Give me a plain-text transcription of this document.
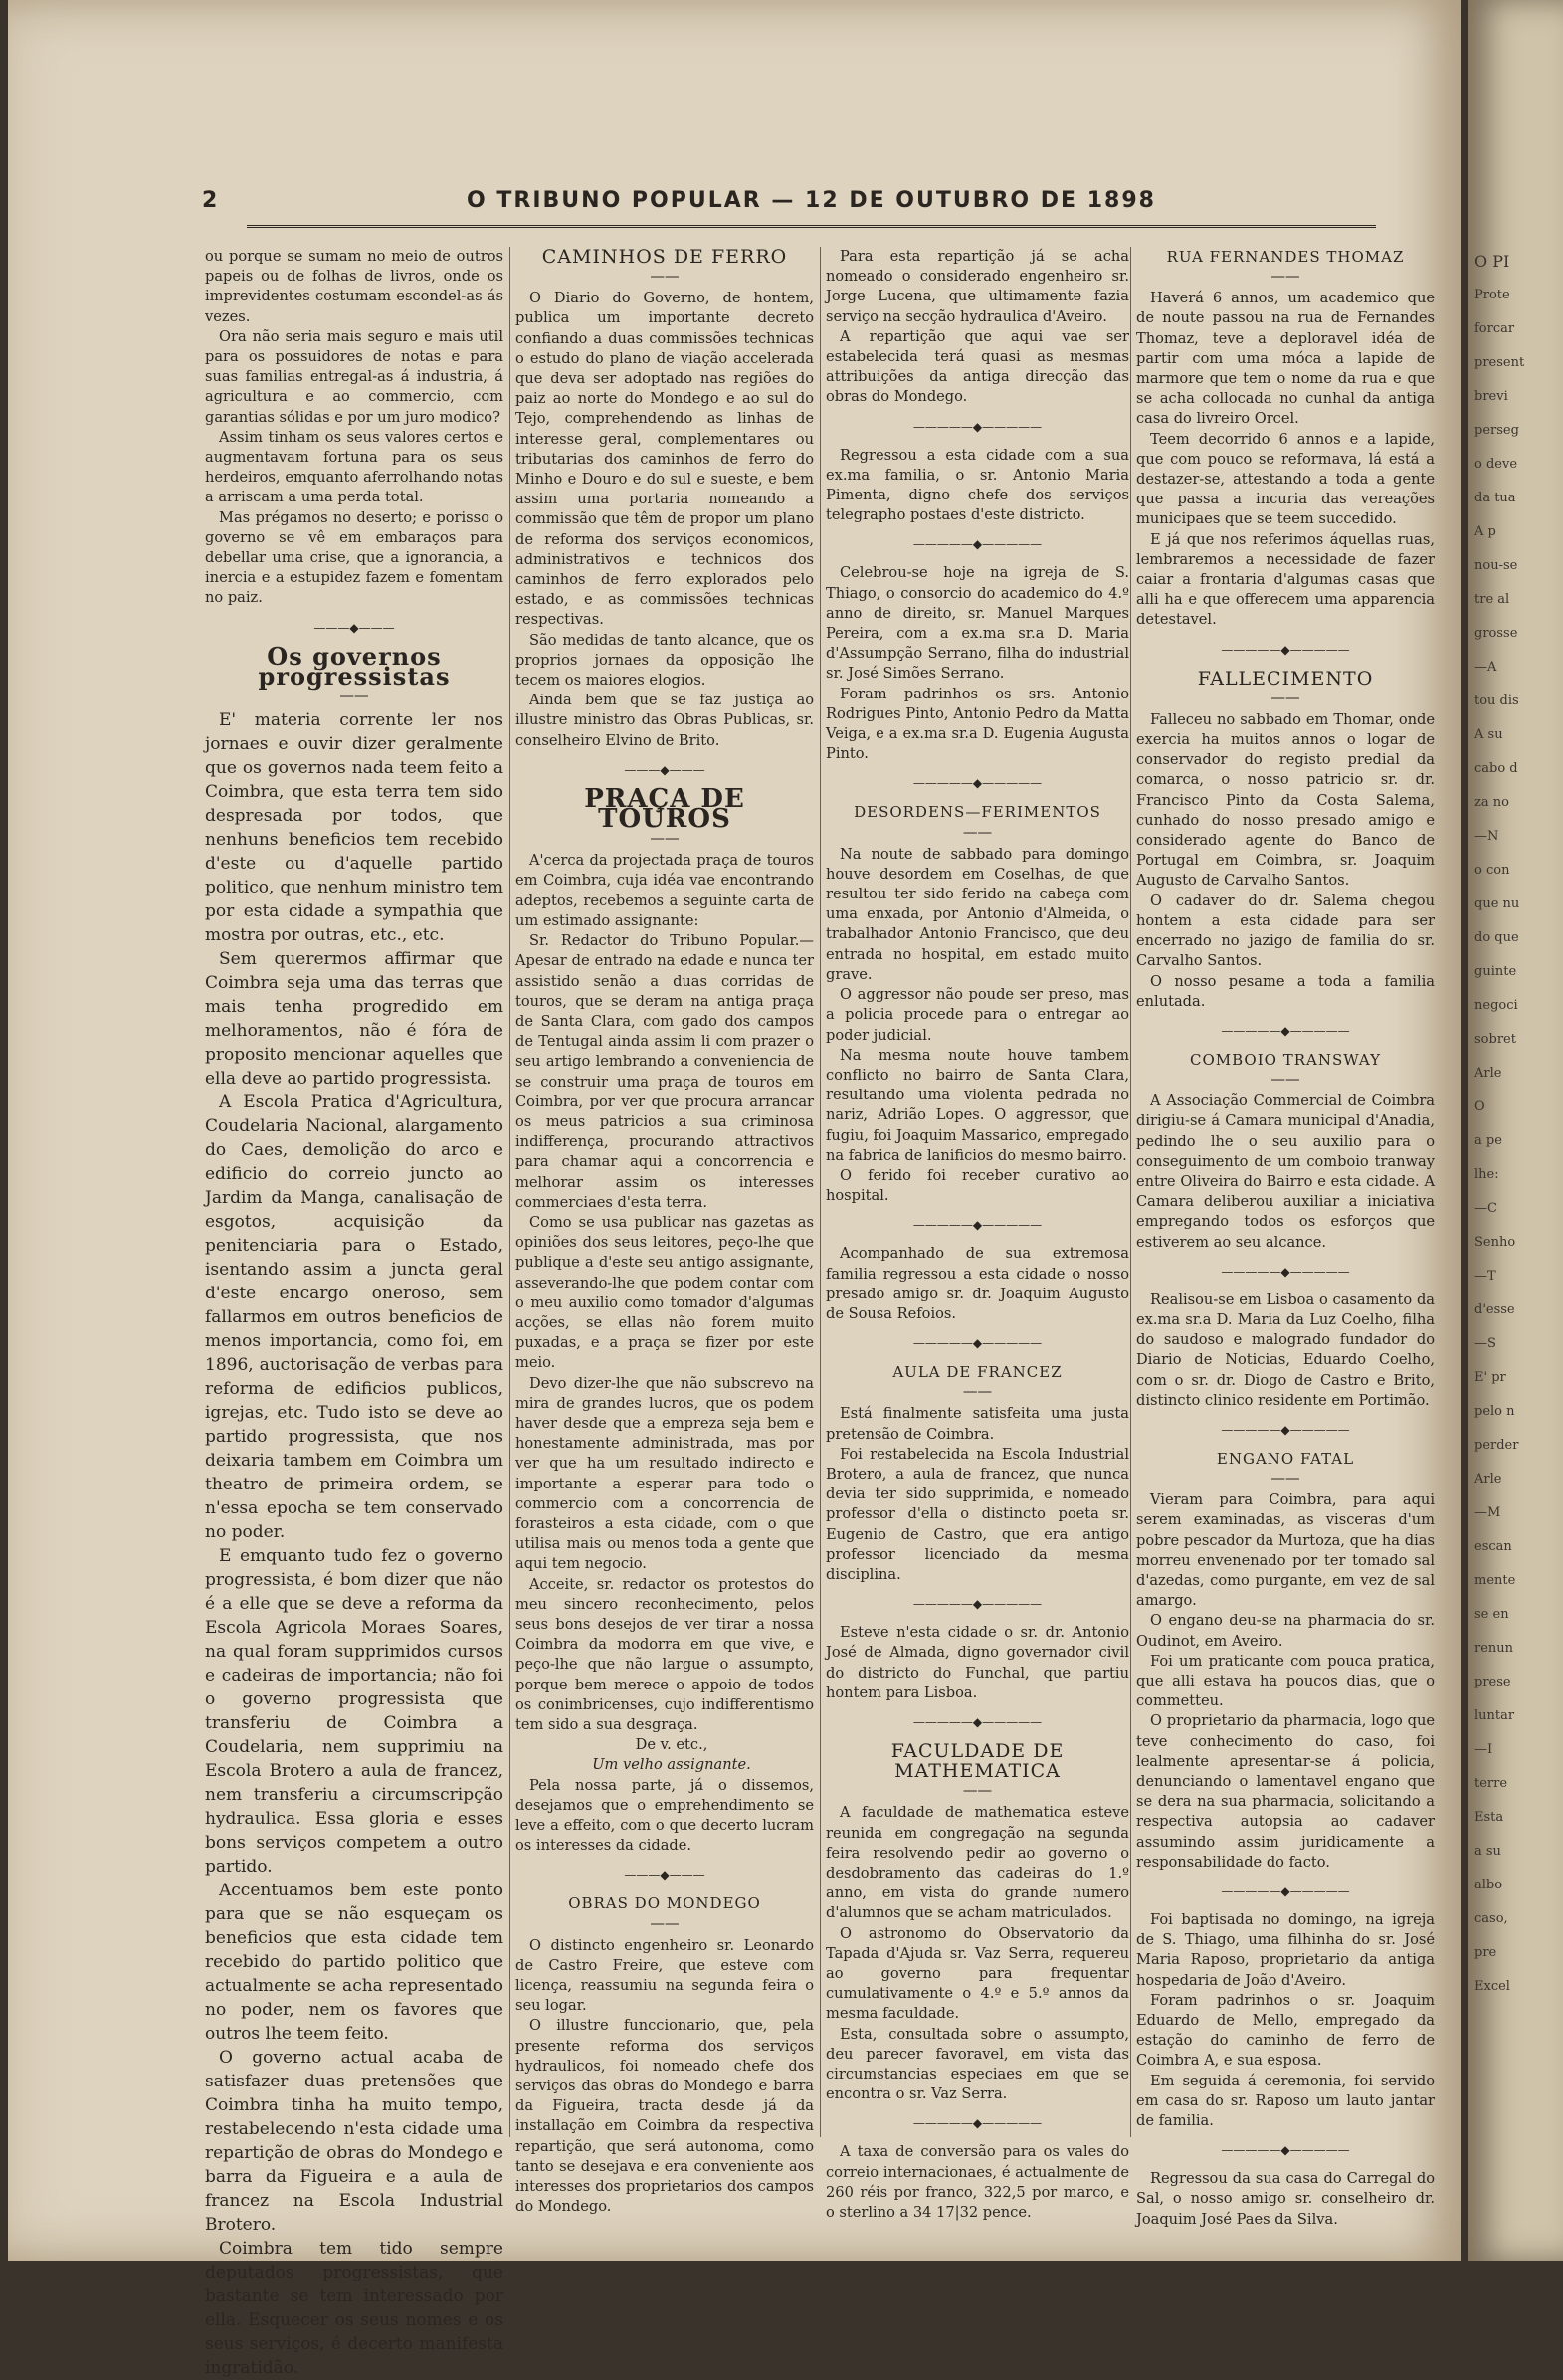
2	O TRIBUNO POPULAR — 12 DE OUTUBRO DE 1898

ou porque se sumam no meio de outros papeis ou de folhas de livros, onde os imprevidentes costumam escondel-as ás vezes.

Ora não seria mais seguro e mais util para os possuidores de notas e para suas familias entregal-as á industria, á agricultura e ao commercio, com garantias sólidas e por um juro modico?

Assim tinham os seus valores certos e augmentavam fortuna para os seus herdeiros, emquanto aferrolhando notas a arriscam a uma perda total.

Mas prégamos no deserto; e porisso o governo se vê em embaraços para debellar uma crise, que a ignorancia, a inercia e a estupidez fazem e fomentam no paiz.

———◆———
Os governos progressistas
——

E' materia corrente ler nos jornaes e ouvir dizer geralmente que os governos nada teem feito a Coimbra, que esta terra tem sido despresada por todos, que nenhuns beneficios tem recebido d'este ou d'aquelle partido politico, que nenhum ministro tem por esta cidade a sympathia que mostra por outras, etc., etc.

Sem querermos affirmar que Coimbra seja uma das terras que mais tenha progredido em melhoramentos, não é fóra de proposito mencionar aquelles que ella deve ao partido progressista.

A Escola Pratica d'Agricultura, Coudelaria Nacional, alargamento do Caes, demolição do arco e edificio do correio juncto ao Jardim da Manga, canalisação de esgotos, acquisição da penitenciaria para o Estado, isentando assim a juncta geral d'este encargo oneroso, sem fallarmos em outros beneficios de menos importancia, como foi, em 1896, auctorisação de verbas para reforma de edificios publicos, igrejas, etc. Tudo isto se deve ao partido progressista, que nos deixaria tambem em Coimbra um theatro de primeira ordem, se n'essa epocha se tem conservado no poder.

E emquanto tudo fez o governo progressista, é bom dizer que não é a elle que se deve a reforma da Escola Agricola Moraes Soares, na qual foram supprimidos cursos e cadeiras de importancia; não foi o governo progressista que transferiu de Coimbra a Coudelaria, nem supprimiu na Escola Brotero a aula de francez, nem transferiu a circumscripção hydraulica. Essa gloria e esses bons serviços competem a outro partido.

Accentuamos bem este ponto para que se não esqueçam os beneficios que esta cidade tem recebido do partido politico que actualmente se acha representado no poder, nem os favores que outros lhe teem feito.

O governo actual acaba de satisfazer duas pretensões que Coimbra tinha ha muito tempo, restabelecendo n'esta cidade uma repartição de obras do Mondego e barra da Figueira e a aula de francez na Escola Industrial Brotero.

Coimbra tem tido sempre deputados progressistas, que bastante se tem interessado por ella. Esquecer os seus nomes e os seus serviços, é decerto manifesta ingratidão.

CAMINHOS DE FERRO
——

O Diario do Governo, de hontem, publica um importante decreto confiando a duas commissões technicas o estudo do plano de viação accelerada que deva ser adoptado nas regiões do paiz ao norte do Mondego e ao sul do Tejo, comprehendendo as linhas de interesse geral, complementares ou tributarias dos caminhos de ferro do Minho e Douro e do sul e sueste, e bem assim uma portaria nomeando a commissão que têm de propor um plano de reforma dos serviços economicos, administrativos e technicos dos caminhos de ferro explorados pelo estado, e as commissões technicas respectivas.

São medidas de tanto alcance, que os proprios jornaes da opposição lhe tecem os maiores elogios.

Ainda bem que se faz justiça ao illustre ministro das Obras Publicas, sr. conselheiro Elvino de Brito.

———◆———
PRAÇA DE TOUROS
——

A'cerca da projectada praça de touros em Coimbra, cuja idéa vae encontrando adeptos, recebemos a seguinte carta de um estimado assignante:

Sr. Redactor do Tribuno Popular.— Apesar de entrado na edade e nunca ter assistido senão a duas corridas de touros, que se deram na antiga praça de Santa Clara, com gado dos campos de Tentugal ainda assim li com prazer o seu artigo lembrando a conveniencia de se construir uma praça de touros em Coimbra, por ver que procura arrancar os meus patricios a sua criminosa indifferença, procurando attractivos para chamar aqui a concorrencia e melhorar assim os interesses commerciaes d'esta terra.

Como se usa publicar nas gazetas as opiniões dos seus leitores, peço-lhe que publique a d'este seu antigo assignante, asseverando-lhe que podem contar com o meu auxilio como tomador d'algumas acções, se ellas não forem muito puxadas, e a praça se fizer por este meio.

Devo dizer-lhe que não subscrevo na mira de grandes lucros, que os podem haver desde que a empreza seja bem e honestamente administrada, mas por ver que ha um resultado indirecto e importante a esperar para todo o commercio com a concorrencia de forasteiros a esta cidade, com o que utilisa mais ou menos toda a gente que aqui tem negocio.

Acceite, sr. redactor os protestos do meu sincero reconhecimento, pelos seus bons desejos de ver tirar a nossa Coimbra da modorra em que vive, e peço-lhe que não largue o assumpto, porque bem merece o appoio de todos os conimbricenses, cujo indifferentismo tem sido a sua desgraça.

De v. etc.,

Um velho assignante.

Pela nossa parte, já o dissemos, desejamos que o emprehendimento se leve a effeito, com o que decerto lucram os interesses da cidade.

———◆———
OBRAS DO MONDEGO
——

O distincto engenheiro sr. Leonardo de Castro Freire, que esteve com licença, reassumiu na segunda feira o seu logar.

O illustre funccionario, que, pela presente reforma dos serviços hydraulicos, foi nomeado chefe dos serviços das obras do Mondego e barra da Figueira, tracta desde já da installação em Coimbra da respectiva repartição, que será autonoma, como tanto se desejava e era conveniente aos interesses dos proprietarios dos campos do Mondego.

Para esta repartição já se acha nomeado o considerado engenheiro sr. Jorge Lucena, que ultimamente fazia serviço na secção hydraulica d'Aveiro.

A repartição que aqui vae ser estabelecida terá quasi as mesmas attribuições da antiga direcção das obras do Mondego.

—————◆—————

Regressou a esta cidade com a sua ex.ma familia, o sr. Antonio Maria Pimenta, digno chefe dos serviços telegrapho postaes d'este districto.

—————◆—————

Celebrou-se hoje na igreja de S. Thiago, o consorcio do academico do 4.º anno de direito, sr. Manuel Marques Pereira, com a ex.ma sr.a D. Maria d'Assumpção Serrano, filha do industrial sr. José Simões Serrano.

Foram padrinhos os srs. Antonio Rodrigues Pinto, Antonio Pedro da Matta Veiga, e a ex.ma sr.a D. Eugenia Augusta Pinto.

—————◆—————
DESORDENS—FERIMENTOS
——

Na noute de sabbado para domingo houve desordem em Coselhas, de que resultou ter sido ferido na cabeça com uma enxada, por Antonio d'Almeida, o trabalhador Antonio Francisco, que deu entrada no hospital, em estado muito grave.

O aggressor não poude ser preso, mas a policia procede para o entregar ao poder judicial.

Na mesma noute houve tambem conflicto no bairro de Santa Clara, resultando uma violenta pedrada no nariz, Adrião Lopes. O aggressor, que fugiu, foi Joaquim Massarico, empregado na fabrica de lanificios do mesmo bairro.

O ferido foi receber curativo ao hospital.

—————◆—————

Acompanhado de sua extremosa familia regressou a esta cidade o nosso presado amigo sr. dr. Joaquim Augusto de Sousa Refoios.

—————◆—————
AULA DE FRANCEZ
——

Está finalmente satisfeita uma justa pretensão de Coimbra.

Foi restabelecida na Escola Industrial Brotero, a aula de francez, que nunca devia ter sido supprimida, e nomeado professor d'ella o distincto poeta sr. Eugenio de Castro, que era antigo professor licenciado da mesma disciplina.

—————◆—————

Esteve n'esta cidade o sr. dr. Antonio José de Almada, digno governador civil do districto do Funchal, que partiu hontem para Lisboa.

—————◆—————
FACULDADE DE MATHEMATICA
——

A faculdade de mathematica esteve reunida em congregação na segunda feira resolvendo pedir ao governo o desdobramento das cadeiras do 1.º anno, em vista do grande numero d'alumnos que se acham matriculados.

O astronomo do Observatorio da Tapada d'Ajuda sr. Vaz Serra, requereu ao governo para frequentar cumulativamente o 4.º e 5.º annos da mesma faculdade.

Esta, consultada sobre o assumpto, deu parecer favoravel, em vista das circumstancias especiaes em que se encontra o sr. Vaz Serra.

—————◆—————

A taxa de conversão para os vales do correio internacionaes, é actualmente de 260 réis por franco, 322,5 por marco, e o sterlino a 34 17|32 pence.

RUA FERNANDES THOMAZ
——

Haverá 6 annos, um academico que de noute passou na rua de Fernandes Thomaz, teve a deploravel idéa de partir com uma móca a lapide de marmore que tem o nome da rua e que se acha collocada no cunhal da antiga casa do livreiro Orcel.

Teem decorrido 6 annos e a lapide, que com pouco se reformava, lá está a destazer-se, attestando a toda a gente que passa a incuria das vereações municipaes que se teem succedido.

E já que nos referimos áquellas ruas, lembraremos a necessidade de fazer caiar a frontaria d'algumas casas que alli ha e que offerecem uma apparencia detestavel.

—————◆—————
FALLECIMENTO
——

Falleceu no sabbado em Thomar, onde exercia ha muitos annos o logar de conservador do registo predial da comarca, o nosso patricio sr. dr. Francisco Pinto da Costa Salema, cunhado do nosso presado amigo e considerado agente do Banco de Portugal em Coimbra, sr. Joaquim Augusto de Carvalho Santos.

O cadaver do dr. Salema chegou hontem a esta cidade para ser encerrado no jazigo de familia do sr. Carvalho Santos.

O nosso pesame a toda a familia enlutada.

—————◆—————
COMBOIO TRANSWAY
——

A Associação Commercial de Coimbra dirigiu-se á Camara municipal d'Anadia, pedindo lhe o seu auxilio para o conseguimento de um comboio tranway entre Oliveira do Bairro e esta cidade. A Camara deliberou auxiliar a iniciativa empregando todos os esforços que estiverem ao seu alcance.

—————◆—————

Realisou-se em Lisboa o casamento da ex.ma sr.a D. Maria da Luz Coelho, filha do saudoso e malogrado fundador do Diario de Noticias, Eduardo Coelho, com o sr. dr. Diogo de Castro e Brito, distincto clinico residente em Portimão.

—————◆—————
ENGANO FATAL
——

Vieram para Coimbra, para aqui serem examinadas, as visceras d'um pobre pescador da Murtoza, que ha dias morreu envenenado por ter tomado sal d'azedas, como purgante, em vez de sal amargo.

O engano deu-se na pharmacia do sr. Oudinot, em Aveiro.

Foi um praticante com pouca pratica, que alli estava ha poucos dias, que o commetteu.

O proprietario da pharmacia, logo que teve conhecimento do caso, foi lealmente apresentar-se á policia, denunciando o lamentavel engano que se dera na sua pharmacia, solicitando a respectiva autopsia ao cadaver assumindo assim juridicamente a responsabilidade do facto.

—————◆—————

Foi baptisada no domingo, na igreja de S. Thiago, uma filhinha do sr. José Maria Raposo, proprietario da antiga hospedaria de João d'Aveiro.

Foram padrinhos o sr. Joaquim Eduardo de Mello, empregado da estação do caminho de ferro de Coimbra A, e sua esposa.

Em seguida á ceremonia, foi servido em casa do sr. Raposo um lauto jantar de familia.

—————◆—————

Regressou da sua casa do Carregal do Sal, o nosso amigo sr. conselheiro dr. Joaquim José Paes da Silva.

O PI
Prote
forcar
present
brevi
perseg
o deve
da tua
A p
nou-se
tre al
grosse
—A
tou dis
A su
cabo d
za no
—N
o con
que nu
do que
guinte
negoci
sobret
Arle
O
a pe
lhe:
—C
Senho
—T
d'esse
—S
E' pr
pelo n
perder
Arle
—M
escan
mente
se en
renun
prese
luntar
—I
terre
Esta
a su
albo
caso,
pre
Excel
